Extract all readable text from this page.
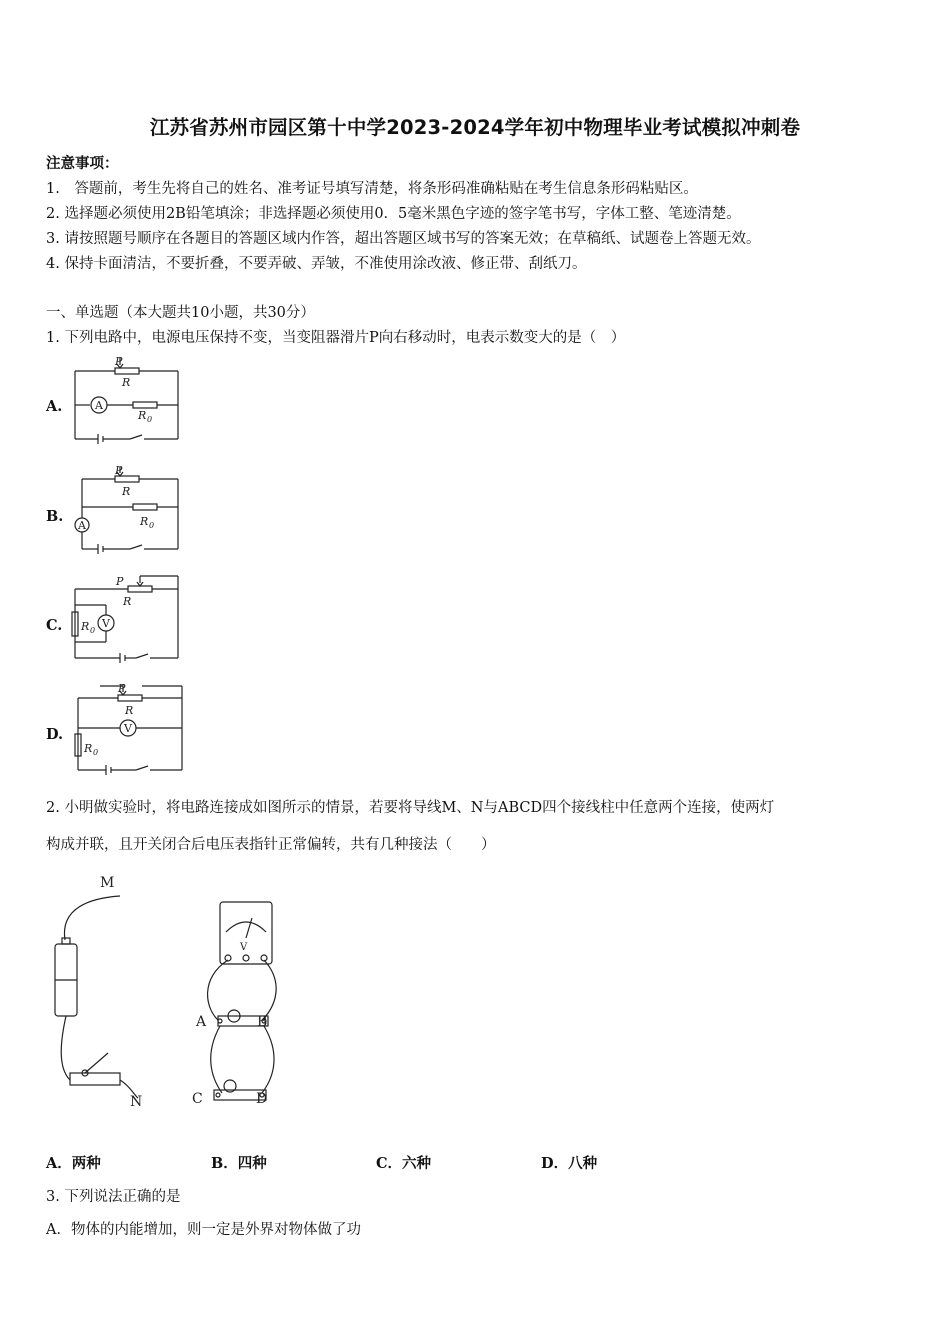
江苏省苏州市园区第十中学2023-2024学年初中物理毕业考试模拟冲刺卷
注意事项：
1.　答题前，考生先将自己的姓名、准考证号填写清楚，将条形码准确粘贴在考生信息条形码粘贴区。
2. 选择题必须使用2B铅笔填涂；非选择题必须使用0．5毫米黑色字迹的签字笔书写，字体工整、笔迹清楚。
3. 请按照题号顺序在各题目的答题区域内作答，超出答题区域书写的答案无效；在草稿纸、试题卷上答题无效。
4. 保持卡面清洁，不要折叠，不要弄破、弄皱，不准使用涂改液、修正带、刮纸刀。
一、单选题（本大题共10小题，共30分）
1. 下列电路中，电源电压保持不变，当变阻器滑片P向右移动时，电表示数变大的是（　）
A.
P
R
A
R 0
B.
P
R
R 0
A
C.
P
R
R 0
V
D.
P
R
V
R 0
2. 小明做实验时，将电路连接成如图所示的情景，若要将导线M、N与ABCD四个接线柱中任意两个连接，使两灯
构成并联，且开关闭合后电压表指针正常偏转，共有几种接法（　　）
M
N
V
A	B
C	D
A．两种	B．四种	C．六种	D．八种
3. 下列说法正确的是
A．物体的内能增加，则一定是外界对物体做了功
